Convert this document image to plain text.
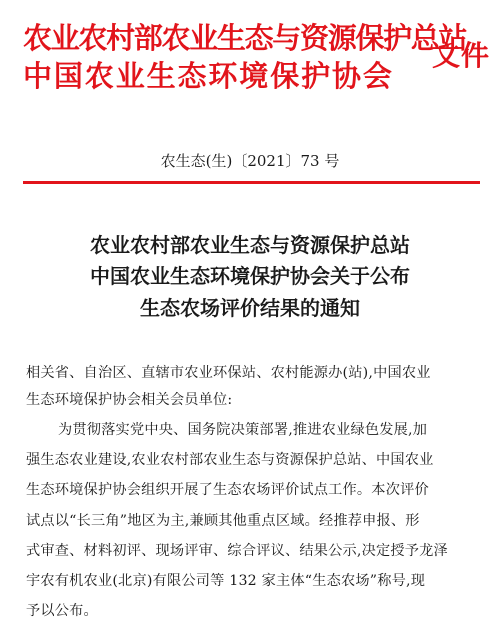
农业农村部农业生态与资源保护总站
中国农业生态环境保护协会
文件
农生态(生)〔2021〕73 号
农业农村部农业生态与资源保护总站
中国农业生态环境保护协会关于公布
生态农场评价结果的通知
相关省、自治区、直辖市农业环保站、农村能源办(站),中国农业
生态环境保护协会相关会员单位:
为贯彻落实党中央、国务院决策部署,推进农业绿色发展,加
强生态农业建设,农业农村部农业生态与资源保护总站、中国农业
生态环境保护协会组织开展了生态农场评价试点工作。本次评价
试点以“长三角”地区为主,兼顾其他重点区域。经推荐申报、形
式审查、材料初评、现场评审、综合评议、结果公示,决定授予龙泽
宇农有机农业(北京)有限公司等 132 家主体“生态农场”称号,现
予以公布。
